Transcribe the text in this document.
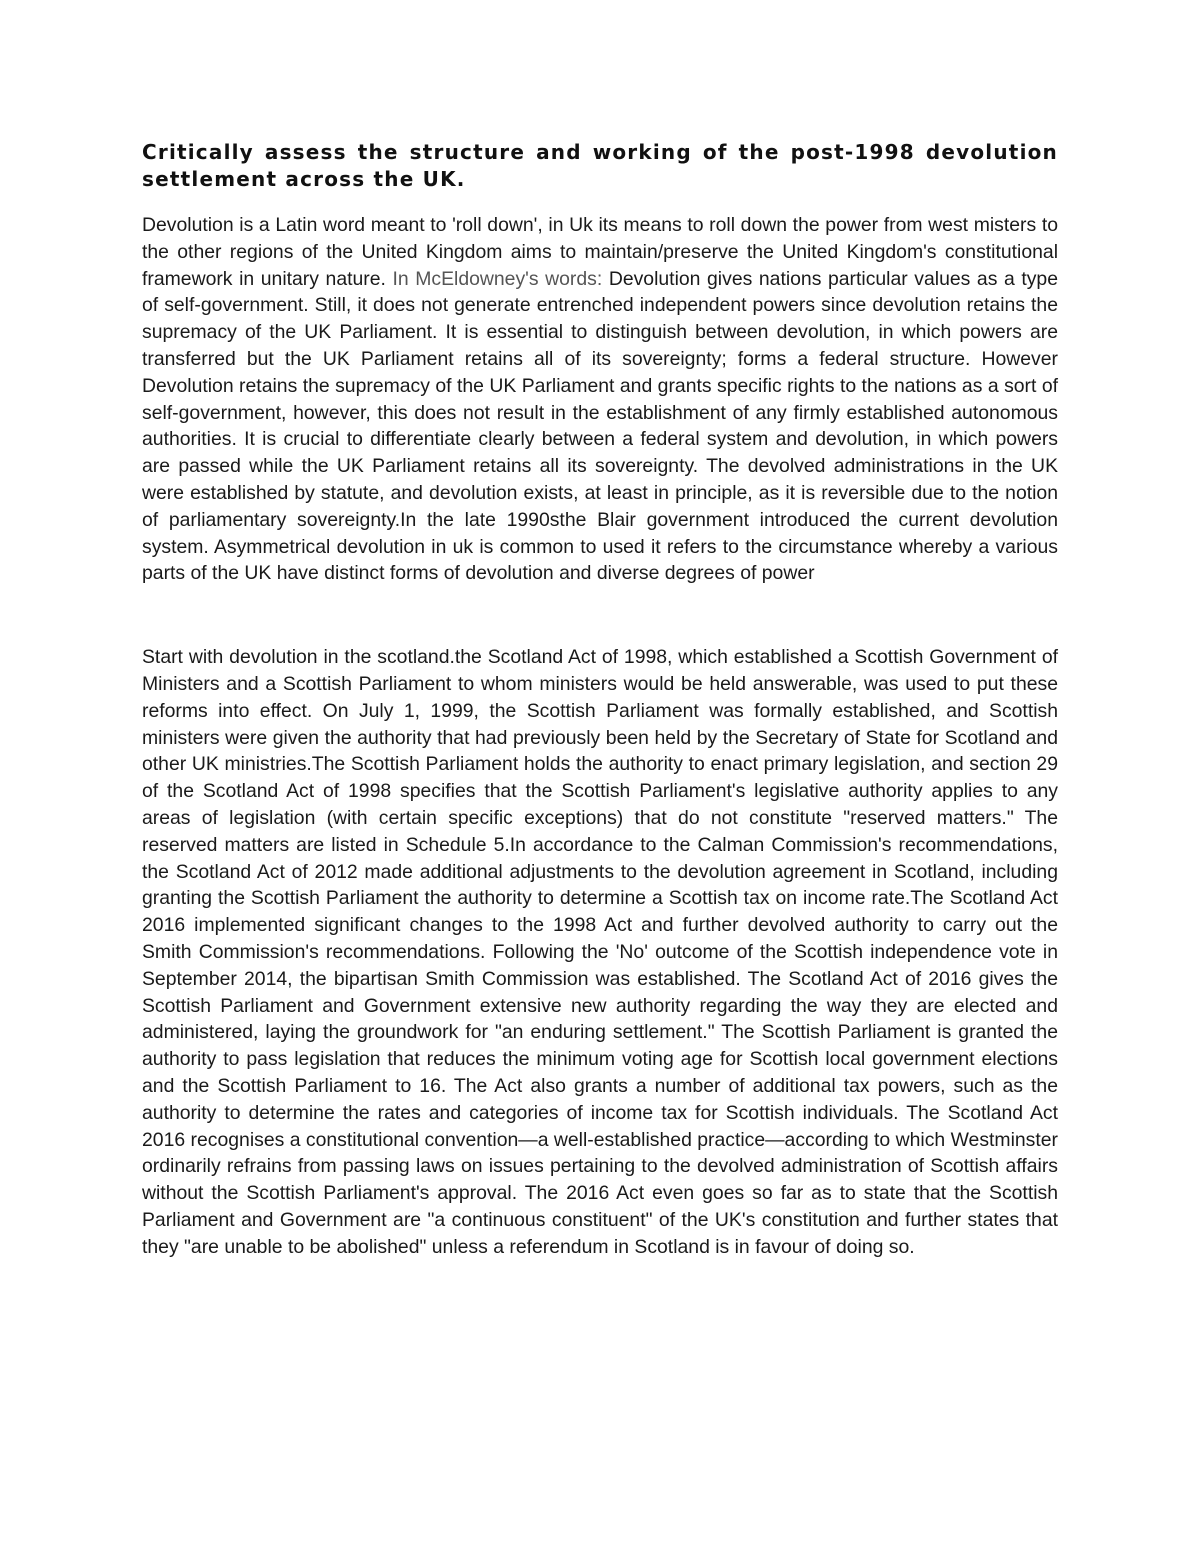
Critically assess the structure and working of the post-1998 devolution settlement across the UK.

Devolution is a Latin word meant to 'roll down', in Uk its means to roll down the power from west misters to the other regions of the United Kingdom aims to maintain/preserve the United Kingdom's constitutional framework in unitary nature. In McEldowney's words: Devolution gives nations particular values as a type of self-government. Still, it does not generate entrenched independent powers since devolution retains the supremacy of the UK Parliament. It is essential to distinguish between devolution, in which powers are transferred but the UK Parliament retains all of its sovereignty; forms a federal structure. However Devolution retains the supremacy of the UK Parliament and grants specific rights to the nations as a sort of self-government, however, this does not result in the establishment of any firmly established autonomous authorities. It is crucial to differentiate clearly between a federal system and devolution, in which powers are passed while the UK Parliament retains all its sovereignty. The devolved administrations in the UK were established by statute, and devolution exists, at least in principle, as it is reversible due to the notion of parliamentary sovereignty.In the late 1990sthe Blair government introduced the current devolution system. Asymmetrical devolution in uk is common to used it refers to the circumstance whereby a various parts of the UK have distinct forms of devolution and diverse degrees of power

Start with devolution in the scotland.the Scotland Act of 1998, which established a Scottish Government of Ministers and a Scottish Parliament to whom ministers would be held answerable, was used to put these reforms into effect. On July 1, 1999, the Scottish Parliament was formally established, and Scottish ministers were given the authority that had previously been held by the Secretary of State for Scotland and other UK ministries.The Scottish Parliament holds the authority to enact primary legislation, and section 29 of the Scotland Act of 1998 specifies that the Scottish Parliament's legislative authority applies to any areas of legislation (with certain specific exceptions) that do not constitute "reserved matters." The reserved matters are listed in Schedule 5.In accordance to the Calman Commission's recommendations, the Scotland Act of 2012 made additional adjustments to the devolution agreement in Scotland, including granting the Scottish Parliament the authority to determine a Scottish tax on income rate.The Scotland Act 2016 implemented significant changes to the 1998 Act and further devolved authority to carry out the Smith Commission's recommendations. Following the 'No' outcome of the Scottish independence vote in September 2014, the bipartisan Smith Commission was established. The Scotland Act of 2016 gives the Scottish Parliament and Government extensive new authority regarding the way they are elected and administered, laying the groundwork for "an enduring settlement." The Scottish Parliament is granted the authority to pass legislation that reduces the minimum voting age for Scottish local government elections and the Scottish Parliament to 16. The Act also grants a number of additional tax powers, such as the authority to determine the rates and categories of income tax for Scottish individuals. The Scotland Act 2016 recognises a constitutional convention—a well-established practice—according to which Westminster ordinarily refrains from passing laws on issues pertaining to the devolved administration of Scottish affairs without the Scottish Parliament's approval. The 2016 Act even goes so far as to state that the Scottish Parliament and Government are "a continuous constituent" of the UK's constitution and further states that they "are unable to be abolished" unless a referendum in Scotland is in favour of doing so.
